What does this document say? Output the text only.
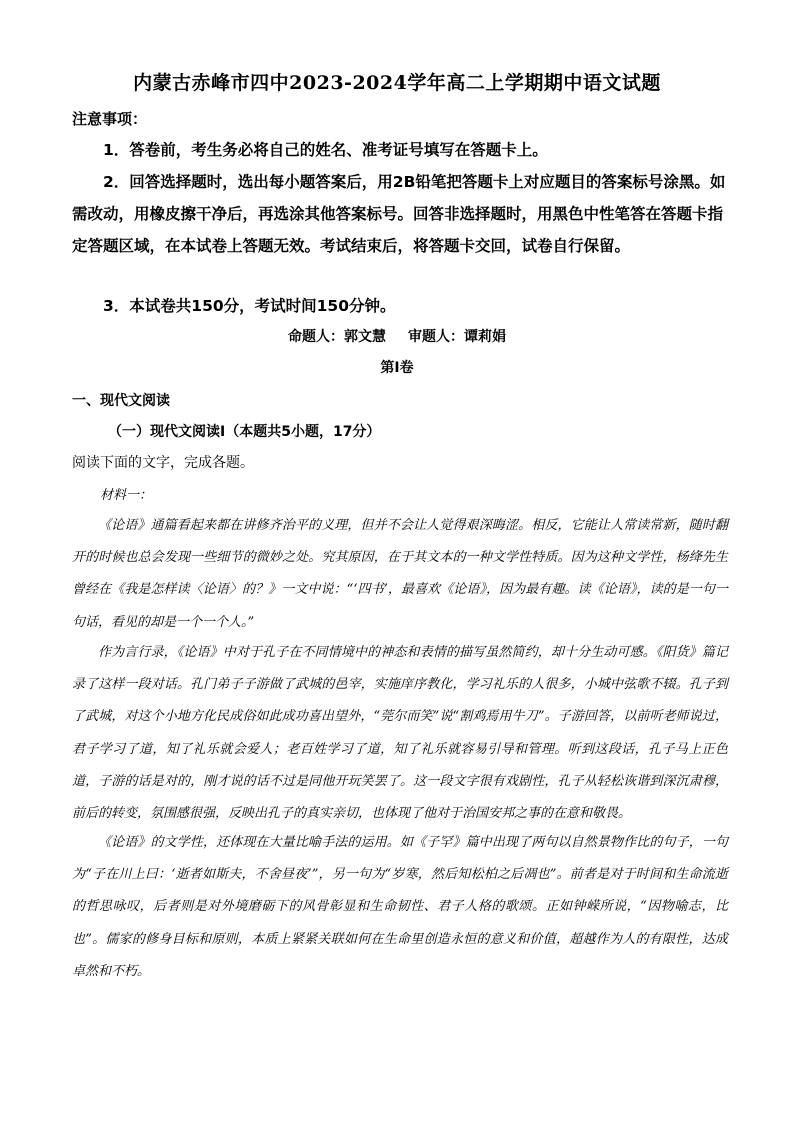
内蒙古赤峰市四中2023-2024学年高二上学期期中语文试题
注意事项：

1．答卷前，考生务必将自己的姓名、准考证号填写在答题卡上。

2．回答选择题时，选出每小题答案后，用2B铅笔把答题卡上对应题目的答案标号涂黑。如需改动，用橡皮擦干净后，再选涂其他答案标号。回答非选择题时，用黑色中性笔答在答题卡指定答题区域，在本试卷上答题无效。考试结束后，将答题卡交回，试卷自行保留。

3．本试卷共150分，考试时间150分钟。

命题人：郭文慧 审题人：谭莉娟
第Ⅰ卷
一、现代文阅读
（一）现代文阅读Ⅰ（本题共5小题，17分）
阅读下面的文字，完成各题。
材料一：

《论语》通篇看起来都在讲修齐治平的义理，但并不会让人觉得艰深晦涩。相反，它能让人常读常新，随时翻开的时候也总会发现一些细节的微妙之处。究其原因，在于其文本的一种文学性特质。因为这种文学性，杨绛先生曾经在《我是怎样读〈论语〉的？》一文中说：“‘四书’，最喜欢《论语》，因为最有趣。读《论语》，读的是一句一句话，看见的却是一个一个人。”

作为言行录，《论语》中对于孔子在不同情境中的神态和表情的描写虽然简约，却十分生动可感。《阳货》篇记录了这样一段对话。孔门弟子子游做了武城的邑宰，实施庠序教化，学习礼乐的人很多，小城中弦歌不辍。孔子到了武城，对这个小地方化民成俗如此成功喜出望外，“莞尔而笑”说“割鸡焉用牛刀”。子游回答，以前听老师说过，君子学习了道，知了礼乐就会爱人；老百姓学习了道，知了礼乐就容易引导和管理。听到这段话，孔子马上正色道，子游的话是对的，刚才说的话不过是同他开玩笑罢了。这一段文字很有戏剧性，孔子从轻松诙谐到深沉肃穆，前后的转变，氛围感很强，反映出孔子的真实亲切，也体现了他对于治国安邦之事的在意和敬畏。

《论语》的文学性，还体现在大量比喻手法的运用。如《子罕》篇中出现了两句以自然景物作比的句子，一句为“子在川上曰：‘逝者如斯夫，不舍昼夜’”，另一句为“岁寒，然后知松柏之后凋也”。前者是对于时间和生命流逝的哲思咏叹，后者则是对外境磨砺下的风骨彰显和生命韧性、君子人格的歌颂。正如钟嵘所说，“因物喻志，比也”。儒家的修身目标和原则，本质上紧紧关联如何在生命里创造永恒的意义和价值，超越作为人的有限性，达成卓然和不朽。
